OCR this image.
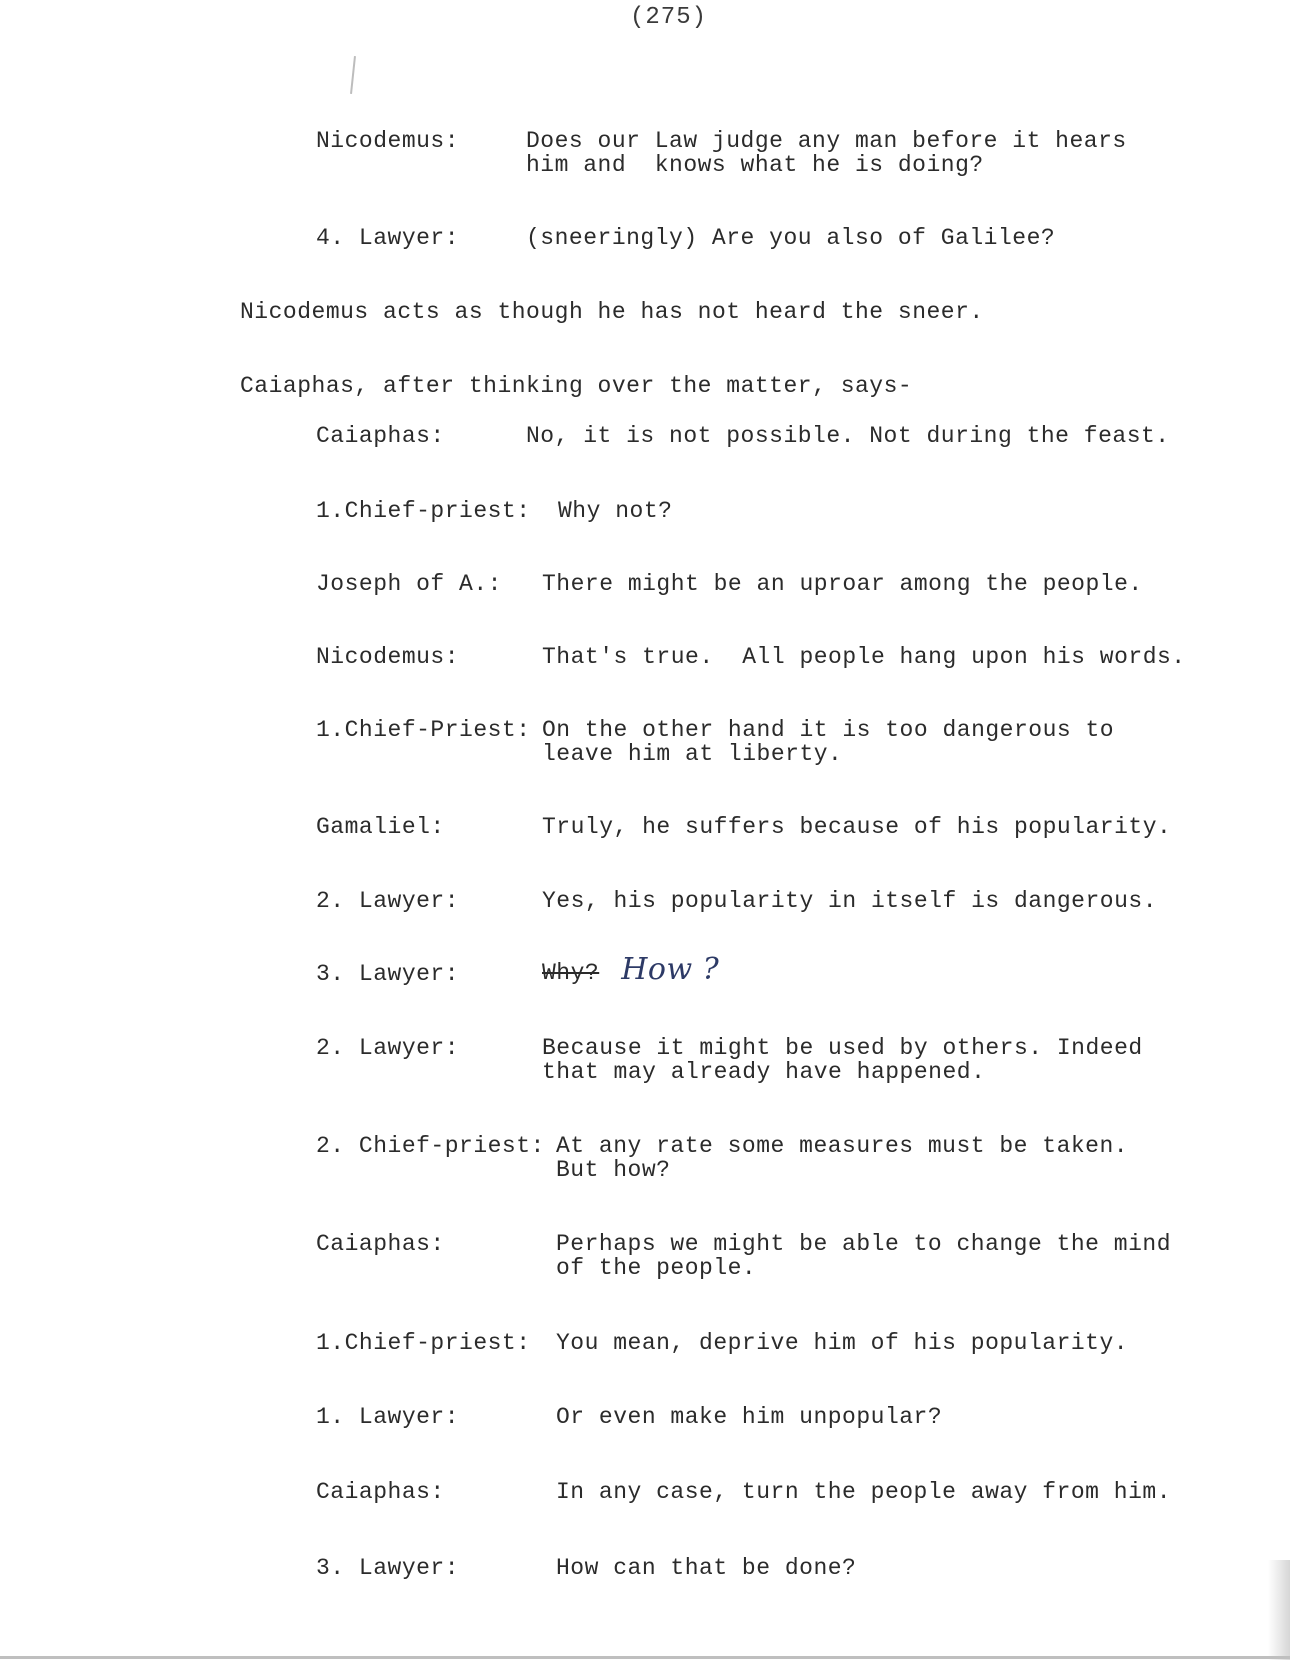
(275)
Nicodemus:	Does our Law judge any man before it hears
him and  knows what he is doing?
4. Lawyer:	(sneeringly) Are you also of Galilee?
Nicodemus acts as though he has not heard the sneer.
Caiaphas, after thinking over the matter, says-
Caiaphas:	No, it is not possible. Not during the feast.
1.Chief-priest: Why not?
Joseph of A.: There might be an uproar among the people.
Nicodemus:	That's true.  All people hang upon his words.
1.Chief-Priest: On the other hand it is too dangerous to
leave him at liberty.
Gamaliel:	Truly, he suffers because of his popularity.
2. Lawyer:	Yes, his popularity in itself is dangerous.
3. Lawyer:	Why? How ?
2. Lawyer:	Because it might be used by others. Indeed
that may already have happened.
2. Chief-priest: At any rate some measures must be taken.
But how?
Caiaphas:	Perhaps we might be able to change the mind
of the people.
1.Chief-priest: You mean, deprive him of his popularity.
1. Lawyer:	Or even make him unpopular?
Caiaphas:	In any case, turn the people away from him.
3. Lawyer:	How can that be done?
